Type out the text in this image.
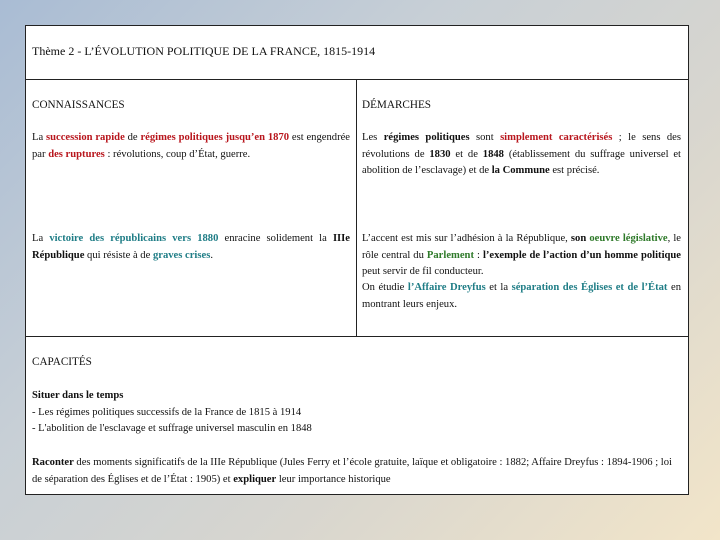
Thème 2 - L’ÉVOLUTION POLITIQUE DE LA FRANCE, 1815-1914
CONNAISSANCES	DÉMARCHES
La succession rapide de régimes politiques jusqu’en 1870 est engendrée par des ruptures : révolutions, coup d’État, guerre.
La victoire des républicains vers 1880 enracine solidement la IIIe République qui résiste à de graves crises.
Les régimes politiques sont simplement caractérisés ; le sens des révolutions de 1830 et de 1848 (établissement du suffrage universel et abolition de l’esclavage) et de la Commune est précisé.
L’accent est mis sur l’adhésion à la République, son oeuvre législative, le rôle central du Parlement : l’exemple de l’action d’un homme politique peut servir de fil conducteur.
On étudie l’Affaire Dreyfus et la séparation des Églises et de l’État en montrant leurs enjeux.
CAPACITÉS

Situer dans le temps

- Les régimes politiques successifs de la France de 1815 à 1914

- L'abolition de l'esclavage et suffrage universel masculin en 1848

Raconter des moments significatifs de la IIIe République (Jules Ferry et l’école gratuite, laïque et obligatoire : 1882; Affaire Dreyfus : 1894-1906 ; loi de séparation des Églises et de l’État : 1905) et expliquer leur importance historique
